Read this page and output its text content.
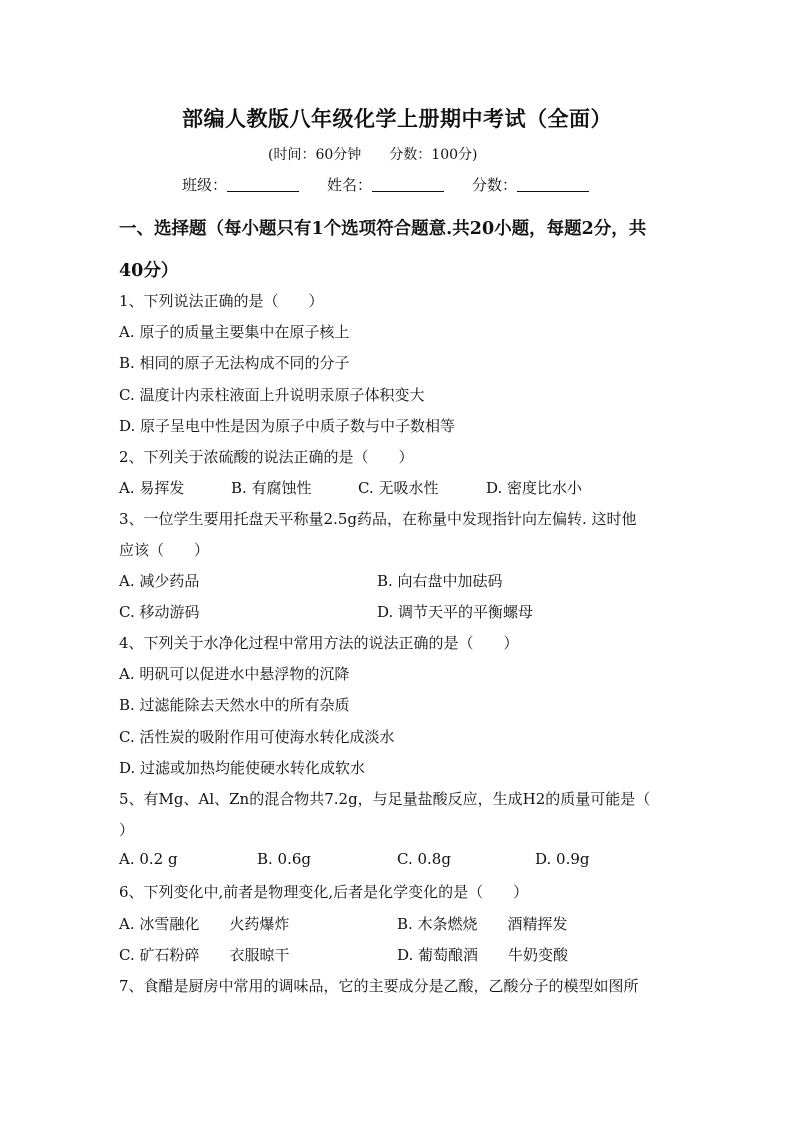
部编人教版八年级化学上册期中考试（全面）
(时间：60分钟 分数：100分)
班级：	姓名：	分数：
一、选择题（每小题只有1个选项符合题意.共20小题，每题2分，共
40分）
1、下列说法正确的是（　　）
A. 原子的质量主要集中在原子核上
B. 相同的原子无法构成不同的分子
C. 温度计内汞柱液面上升说明汞原子体积变大
D. 原子呈电中性是因为原子中质子数与中子数相等
2、下列关于浓硫酸的说法正确的是（　　）
A. 易挥发	B. 有腐蚀性	C. 无吸水性	D. 密度比水小
3、一位学生要用托盘天平称量2.5g药品，在称量中发现指针向左偏转. 这时他
应该（　　）
A. 减少药品	B. 向右盘中加砝码
C. 移动游码	D. 调节天平的平衡螺母
4、下列关于水净化过程中常用方法的说法正确的是（　　）
A. 明矾可以促进水中悬浮物的沉降
B. 过滤能除去天然水中的所有杂质
C. 活性炭的吸附作用可使海水转化成淡水
D. 过滤或加热均能使硬水转化成软水
5、有Mg、Al、Zn的混合物共7.2g，与足量盐酸反应，生成H2的质量可能是（
）
A. 0.2 g	B. 0.6g	C. 0.8g	D. 0.9g
6、下列变化中,前者是物理变化,后者是化学变化的是（　　）
A. 冰雪融化　　火药爆炸	B. 木条燃烧　　酒精挥发
C. 矿石粉碎　　衣服晾干	D. 葡萄酿酒　　牛奶变酸
7、食醋是厨房中常用的调味品，它的主要成分是乙酸，乙酸分子的模型如图所
